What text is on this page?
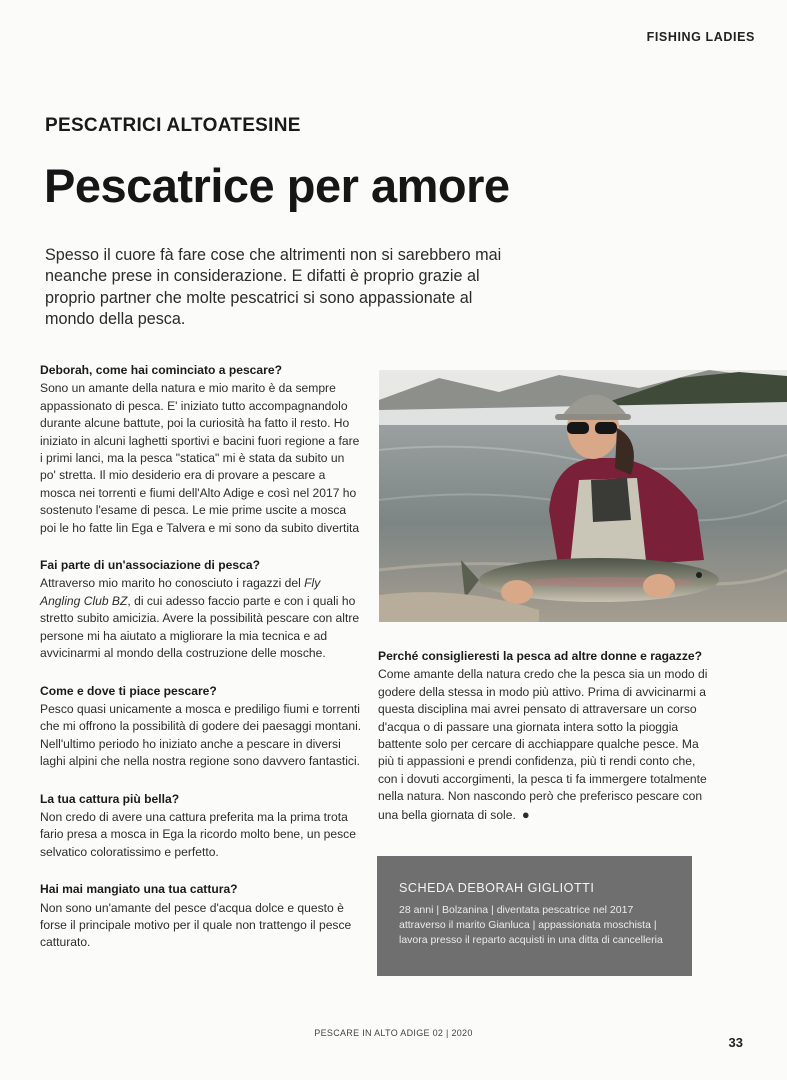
FISHING LADIES
PESCATRICI ALTOATESINE
Pescatrice per amore

Spesso il cuore fà fare cose che altrimenti non si sarebbero mai neanche prese in considerazione. E difatti è proprio grazie al proprio partner che molte pescatrici si sono appassionate al mondo della pesca.

Deborah, come hai cominciato a pescare?

Sono un amante della natura e mio marito è da sempre appassionato di pesca. E' iniziato tutto accompagnandolo durante alcune battute, poi la curiosità ha fatto il resto. Ho iniziato in alcuni laghetti sportivi e bacini fuori regione a fare i primi lanci, ma la pesca "statica" mi è stata da subito un po' stretta. Il mio desiderio era di provare a pescare a mosca nei torrenti e fiumi dell'Alto Adige e così nel 2017 ho sostenuto l'esame di pesca. Le mie prime uscite a mosca poi le ho fatte lin Ega e Talvera e mi sono da subito divertita

Fai parte di un'associazione di pesca?

Attraverso mio marito ho conosciuto i ragazzi del Fly Angling Club BZ, di cui adesso faccio parte e con i quali ho stretto subito amicizia. Avere la possibilità pescare con altre persone mi ha aiutato a migliorare la mia tecnica e ad avvicinarmi al mondo della costruzione delle mosche.

Come e dove ti piace pescare?

Pesco quasi unicamente a mosca e prediligo fiumi e torrenti che mi offrono la possibilità di godere dei paesaggi montani. Nell'ultimo periodo ho iniziato anche a pescare in diversi laghi alpini che nella nostra regione sono davvero fantastici.

La tua cattura più bella?

Non credo di avere una cattura preferita ma la prima trota fario presa a mosca in Ega la ricordo molto bene, un pesce selvatico coloratissimo e perfetto.

Hai mai mangiato una tua cattura?

Non sono un'amante del pesce d'acqua dolce e questo è forse il principale motivo per il quale non trattengo il pesce catturato.

Perché consiglieresti la pesca ad altre donne e ragazze?

Come amante della natura credo che la pesca sia un modo di godere della stessa in modo più attivo. Prima di avvicinarmi a questa disciplina mai avrei pensato di attraversare un corso d'acqua o di passare una giornata intera sotto la pioggia battente solo per cercare di acchiappare qualche pesce. Ma più ti appassioni e prendi confidenza, più ti rendi conto che, con i dovuti accorgimenti, la pesca ti fa immergere totalmente nella natura. Non nascondo però che preferisco pescare con una bella giornata di sole. ●

SCHEDA DEBORAH GIGLIOTTI

28 anni | Bolzanina | diventata pescatrice nel 2017 attraverso il marito Gianluca | appassionata moschista | lavora presso il reparto acquisti in una ditta di cancelleria

PESCARE IN ALTO ADIGE 02 | 2020
33
